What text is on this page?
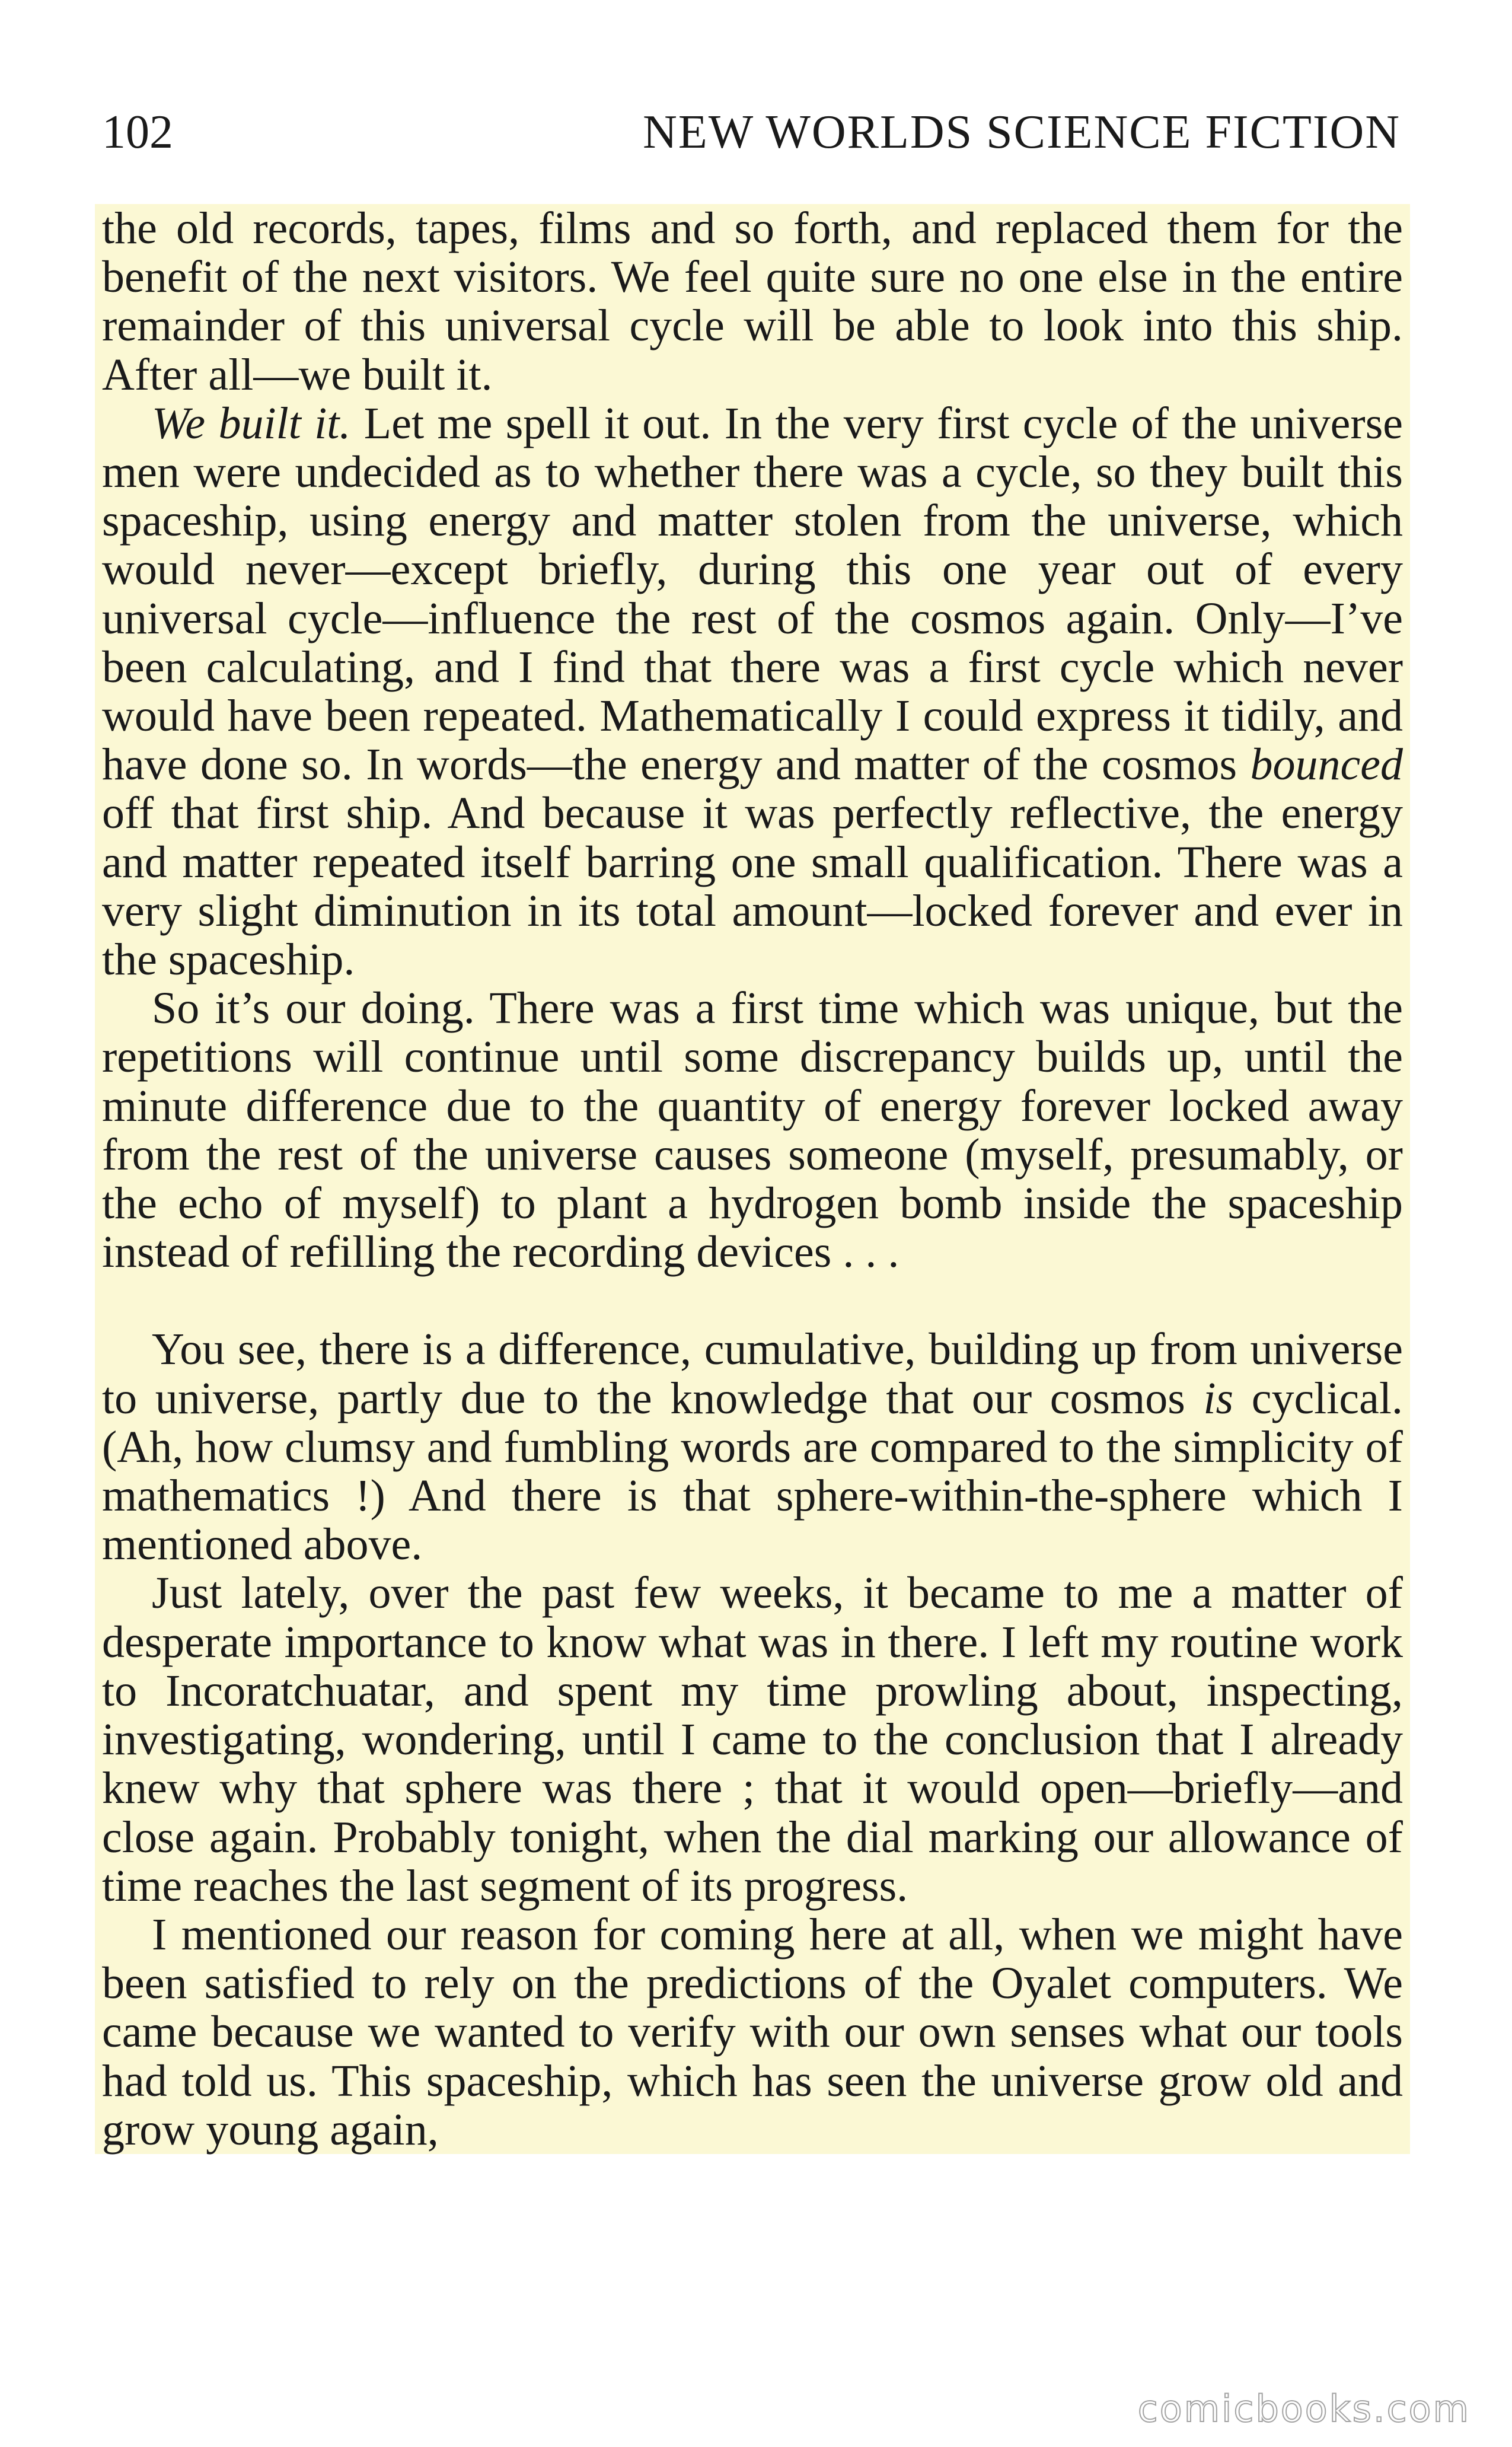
102	NEW WORLDS SCIENCE FICTION

the old records, tapes, films and so forth, and replaced them for the benefit of the next visitors. We feel quite sure no one else in the entire remainder of this universal cycle will be able to look into this ship. After all—we built it.

We built it. Let me spell it out. In the very first cycle of the universe men were undecided as to whether there was a cycle, so they built this spaceship, using energy and matter stolen from the universe, which would never—except briefly, during this one year out of every universal cycle—influence the rest of the cosmos again. Only—I’ve been calculating, and I find that there was a first cycle which never would have been repeated. Mathematically I could express it tidily, and have done so. In words—the energy and matter of the cosmos bounced off that first ship. And because it was perfectly reflective, the energy and matter repeated itself barring one small qualification. There was a very slight diminution in its total amount—locked forever and ever in the spaceship.

So it’s our doing. There was a first time which was unique, but the repetitions will continue until some discrepancy builds up, until the minute difference due to the quantity of energy forever locked away from the rest of the universe causes someone (myself, presumably, or the echo of myself) to plant a hydrogen bomb inside the spaceship instead of refilling the recording devices . . .

You see, there is a difference, cumulative, building up from universe to universe, partly due to the knowledge that our cosmos is cyclical. (Ah, how clumsy and fumbling words are compared to the simplicity of mathematics !) And there is that sphere-within-the-sphere which I mentioned above.

Just lately, over the past few weeks, it became to me a matter of desperate importance to know what was in there. I left my routine work to Incoratchuatar, and spent my time prowling about, inspecting, investigating, wondering, until I came to the conclusion that I already knew why that sphere was there ; that it would open—briefly—and close again. Probably tonight, when the dial marking our allowance of time reaches the last segment of its progress.

I mentioned our reason for coming here at all, when we might have been satisfied to rely on the predictions of the Oyalet computers. We came because we wanted to verify with our own senses what our tools had told us. This spaceship, which has seen the universe grow old and grow young again,

comicbooks.com
